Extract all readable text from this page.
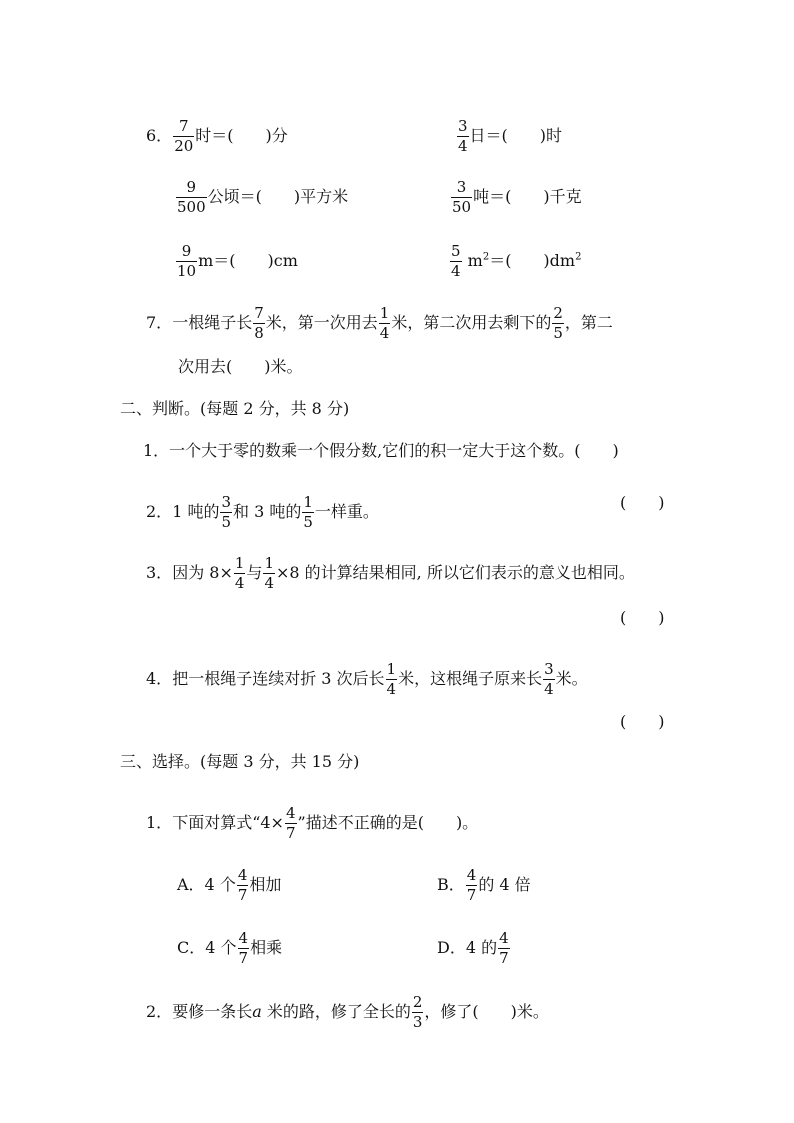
6． $\frac{7}{20}$ 时＝(　　)分	$\frac{3}{4}$ 日＝(　　)时
$\frac{9}{500}$ 公顷＝(　　)平方米	$\frac{3}{50}$ 吨＝(　　)千克
$\frac{9}{10} m=$(　　)cm	$\frac{5}{4} m^2=$(　　)$dm^2$
7．一根绳子长 $\frac{7}{8}$ 米，第一次用去 $\frac{1}{4}$ 米，第二次用去剩下的 $\frac{2}{5}$ ，第二
次用去(　　)米。
二、判断。(每题 2 分，共 8 分)
1．一个大于零的数乘一个假分数,它们的积一定大于这个数。(　　)
2．1 吨的 $\frac{3}{5}$ 和 3 吨的 $\frac{1}{5}$ 一样重。	(　　)
3．因为 $8\times \frac{1}{4}$ 与 $\frac{1}{4} \times 8$ 的计算结果相同, 所以它们表示的意义也相同。
(　　)
4．把一根绳子连续对折 3 次后长 $\frac{1}{4}$ 米，这根绳子原来长 $\frac{3}{4}$ 米。
(　　)
三、选择。(每题 3 分，共 15 分)
1．下面对算式“$4\times \frac{4}{7}$ ”描述不正确的是(　　)。
A．4 个 $\frac{4}{7}$ 相加	B． $\frac{4}{7}$ 的 4 倍
C．4 个 $\frac{4}{7}$ 相乘	D．4 的 $\frac{4}{7}$
2．要修一条长a 米的路，修了全长的 $\frac{2}{3}$ ，修了(　　)米。
